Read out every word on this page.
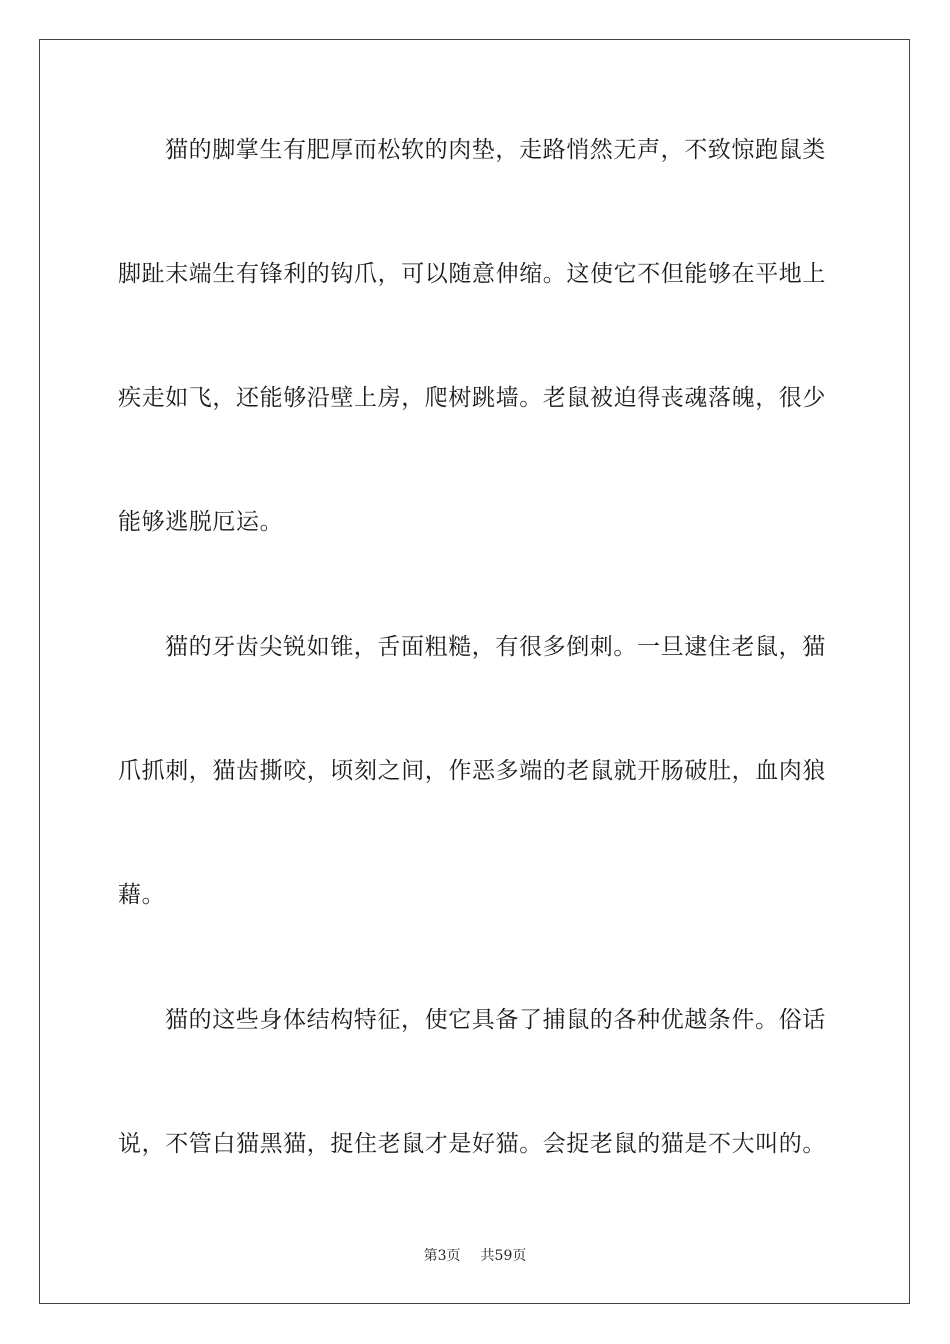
猫的脚掌生有肥厚而松软的肉垫，走路悄然无声，不致惊跑鼠类
脚趾末端生有锋利的钩爪，可以随意伸缩。这使它不但能够在平地上
疾走如飞，还能够沿壁上房，爬树跳墙。老鼠被迫得丧魂落魄，很少
能够逃脱厄运。
猫的牙齿尖锐如锥，舌面粗糙，有很多倒刺。一旦逮住老鼠，猫
爪抓刺，猫齿撕咬，顷刻之间，作恶多端的老鼠就开肠破肚，血肉狼
藉。
猫的这些身体结构特征，使它具备了捕鼠的各种优越条件。俗话
说，不管白猫黑猫，捉住老鼠才是好猫。会捉老鼠的猫是不大叫的。
第3页 共59页
